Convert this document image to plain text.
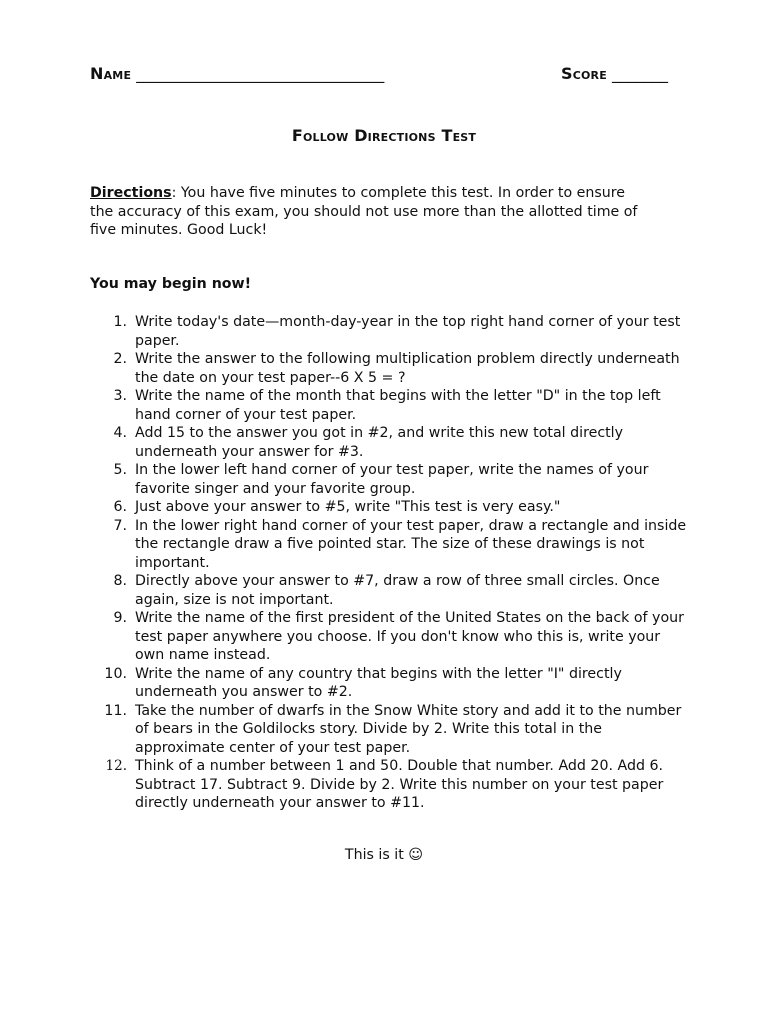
Name _______________________________	Score _______
Follow Directions Test
Directions: You have five minutes to complete this test. In order to ensure the accuracy of this exam, you should not use more than the allotted time of five minutes. Good Luck!
You may begin now!
1. Write today's date—month-day-year in the top right hand corner of your test paper.
2. Write the answer to the following multiplication problem directly underneath the date on your test paper--6 X 5 = ?
3. Write the name of the month that begins with the letter "D" in the top left hand corner of your test paper.
4. Add 15 to the answer you got in #2, and write this new total directly underneath your answer for #3.
5. In the lower left hand corner of your test paper, write the names of your favorite singer and your favorite group.
6. Just above your answer to #5, write "This test is very easy."
7. In the lower right hand corner of your test paper, draw a rectangle and inside the rectangle draw a five pointed star. The size of these drawings is not important.
8. Directly above your answer to #7, draw a row of three small circles. Once again, size is not important.
9. Write the name of the first president of the United States on the back of your test paper anywhere you choose. If you don't know who this is, write your own name instead.
10. Write the name of any country that begins with the letter "I" directly underneath you answer to #2.
11. Take the number of dwarfs in the Snow White story and add it to the number of bears in the Goldilocks story. Divide by 2. Write this total in the approximate center of your test paper.
12. Think of a number between 1 and 50. Double that number. Add 20. Add 6. Subtract 17. Subtract 9. Divide by 2. Write this number on your test paper directly underneath your answer to #11.
This is it ☺
